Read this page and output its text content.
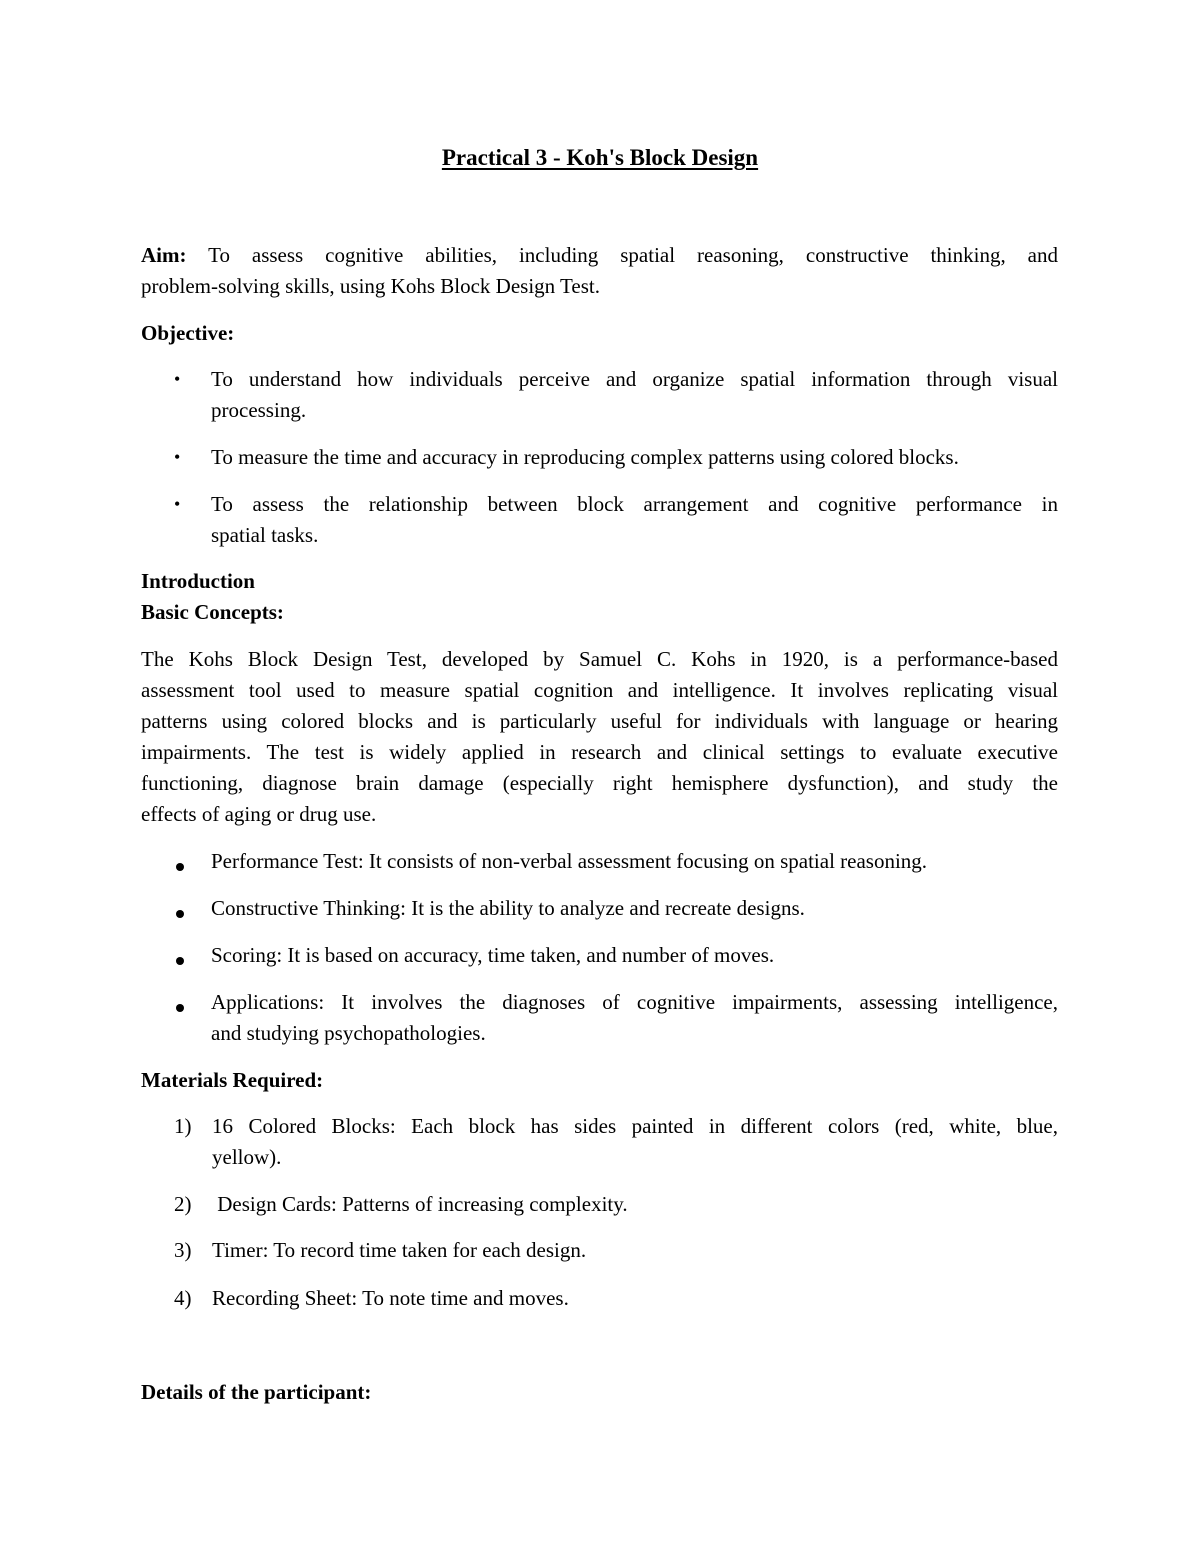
Practical 3 - Koh's Block Design
Aim: To assess cognitive abilities, including spatial reasoning, constructive thinking, and
problem-solving skills, using Kohs Block Design Test.
Objective:
• To understand how individuals perceive and organize spatial information through visual
processing.
• To measure the time and accuracy in reproducing complex patterns using colored blocks.
• To assess the relationship between block arrangement and cognitive performance in
spatial tasks.
Introduction
Basic Concepts:
The Kohs Block Design Test, developed by Samuel C. Kohs in 1920, is a performance-based
assessment tool used to measure spatial cognition and intelligence. It involves replicating visual
patterns using colored blocks and is particularly useful for individuals with language or hearing
impairments. The test is widely applied in research and clinical settings to evaluate executive
functioning, diagnose brain damage (especially right hemisphere dysfunction), and study the
effects of aging or drug use.
Performance Test: It consists of non-verbal assessment focusing on spatial reasoning.
Constructive Thinking: It is the ability to analyze and recreate designs.
Scoring: It is based on accuracy, time taken, and number of moves.
Applications: It involves the diagnoses of cognitive impairments, assessing intelligence,
and studying psychopathologies.
Materials Required:
1) 16 Colored Blocks: Each block has sides painted in different colors (red, white, blue,
yellow).
2) Design Cards: Patterns of increasing complexity.
3) Timer: To record time taken for each design.
4) Recording Sheet: To note time and moves.
Details of the participant:
